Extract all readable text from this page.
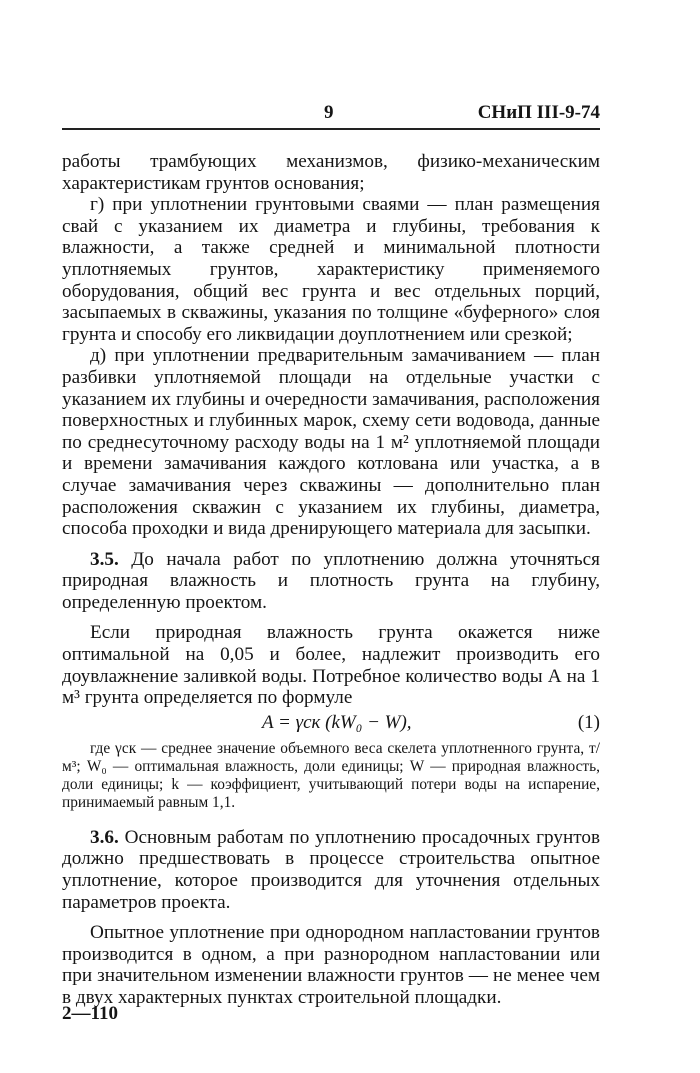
9	СНиП III-9-74

работы трамбующих механизмов, физико-механическим характеристикам грунтов основания;

г) при уплотнении грунтовыми сваями — план размещения свай с указанием их диаметра и глубины, требования к влажности, а также средней и минимальной плотности уплотняемых грунтов, характеристику применяемого оборудования, общий вес грунта и вес отдельных порций, засыпаемых в скважины, указания по толщине «буферного» слоя грунта и способу его ликвидации доуплотнением или срезкой;

д) при уплотнении предварительным замачиванием — план разбивки уплотняемой площади на отдельные участки с указанием их глубины и очередности замачивания, расположения поверхностных и глубинных марок, схему сети водовода, данные по среднесуточному расходу воды на 1 м² уплотняемой площади и времени замачивания каждого котлована или участка, а в случае замачивания через скважины — дополнительно план расположения скважин с указанием их глубины, диаметра, способа проходки и вида дренирующего материала для засыпки.

3.5. До начала работ по уплотнению должна уточняться природная влажность и плотность грунта на глубину, определенную проектом.

Если природная влажность грунта окажется ниже оптимальной на 0,05 и более, надлежит производить его доувлажнение заливкой воды. Потребное количество воды А на 1 м³ грунта определяется по формуле

A = γск (kW₀ − W),	(1)

где γск — среднее значение объемного веса скелета уплотненного грунта, т/м³; W₀ — оптимальная влажность, доли единицы; W — природная влажность, доли единицы; k — коэффициент, учитывающий потери воды на испарение, принимаемый равным 1,1.

3.6. Основным работам по уплотнению просадочных грунтов должно предшествовать в процессе строительства опытное уплотнение, которое производится для уточнения отдельных параметров проекта.

Опытное уплотнение при однородном напластовании грунтов производится в одном, а при разнородном напластовании или при значительном изменении влажности грунтов — не менее чем в двух характерных пунктах строительной площадки.

2—110
